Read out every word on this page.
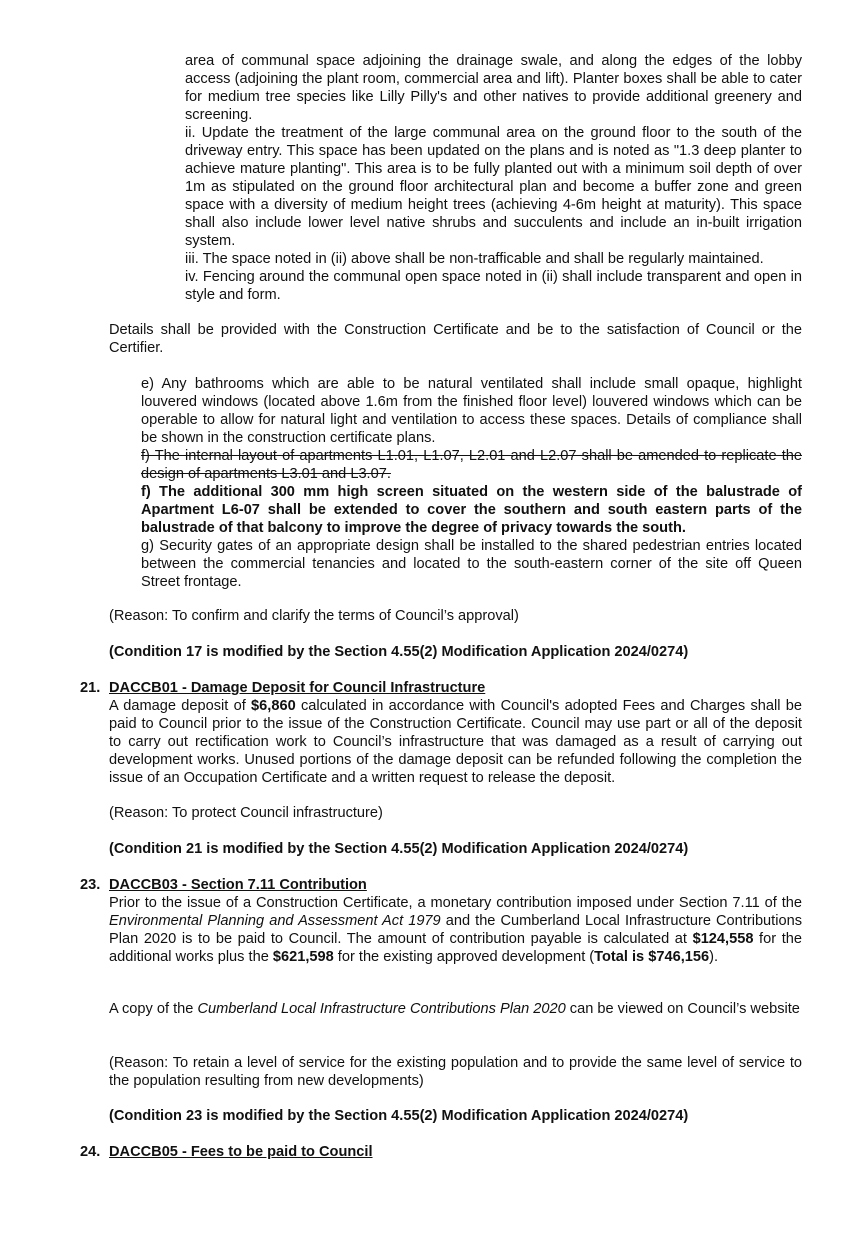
area of communal space adjoining the drainage swale, and along the edges of the lobby access (adjoining the plant room, commercial area and lift). Planter boxes shall be able to cater for medium tree species like Lilly Pilly's and other natives to provide additional greenery and screening.

ii. Update the treatment of the large communal area on the ground floor to the south of the driveway entry. This space has been updated on the plans and is noted as "1.3 deep planter to achieve mature planting". This area is to be fully planted out with a minimum soil depth of over 1m as stipulated on the ground floor architectural plan and become a buffer zone and green space with a diversity of medium height trees (achieving 4-6m height at maturity). This space shall also include lower level native shrubs and succulents and include an in-built irrigation system.

iii. The space noted in (ii) above shall be non-trafficable and shall be regularly maintained.

iv. Fencing around the communal open space noted in (ii) shall include transparent and open in style and form.

Details shall be provided with the Construction Certificate and be to the satisfaction of Council or the Certifier.

e) Any bathrooms which are able to be natural ventilated shall include small opaque, highlight louvered windows (located above 1.6m from the finished floor level) louvered windows which can be operable to allow for natural light and ventilation to access these spaces. Details of compliance shall be shown in the construction certificate plans.

f) The internal layout of apartments L1.01, L1.07, L2.01 and L2.07 shall be amended to replicate the design of apartments L3.01 and L3.07.

f) The additional 300 mm high screen situated on the western side of the balustrade of Apartment L6-07 shall be extended to cover the southern and south eastern parts of the balustrade of that balcony to improve the degree of privacy towards the south.

g) Security gates of an appropriate design shall be installed to the shared pedestrian entries located between the commercial tenancies and located to the south-eastern corner of the site off Queen Street frontage.

(Reason: To confirm and clarify the terms of Council’s approval)
(Condition 17 is modified by the Section 4.55(2) Modification Application 2024/0274)
21. DACCB01 - Damage Deposit for Council Infrastructure

A damage deposit of $6,860 calculated in accordance with Council's adopted Fees and Charges shall be paid to Council prior to the issue of the Construction Certificate. Council may use part or all of the deposit to carry out rectification work to Council’s infrastructure that was damaged as a result of carrying out development works. Unused portions of the damage deposit can be refunded following the completion the issue of an Occupation Certificate and a written request to release the deposit.

(Reason: To protect Council infrastructure)
(Condition 21 is modified by the Section 4.55(2) Modification Application 2024/0274)
23. DACCB03 - Section 7.11 Contribution

Prior to the issue of a Construction Certificate, a monetary contribution imposed under Section 7.11 of the Environmental Planning and Assessment Act 1979 and the Cumberland Local Infrastructure Contributions Plan 2020 is to be paid to Council. The amount of contribution payable is calculated at $124,558 for the additional works plus the $621,598 for the existing approved development (Total is $746,156).

A copy of the Cumberland Local Infrastructure Contributions Plan 2020 can be viewed on Council’s website
(Reason: To retain a level of service for the existing population and to provide the same level of service to the population resulting from new developments)
(Condition 23 is modified by the Section 4.55(2) Modification Application 2024/0274)
24. DACCB05 - Fees to be paid to Council
